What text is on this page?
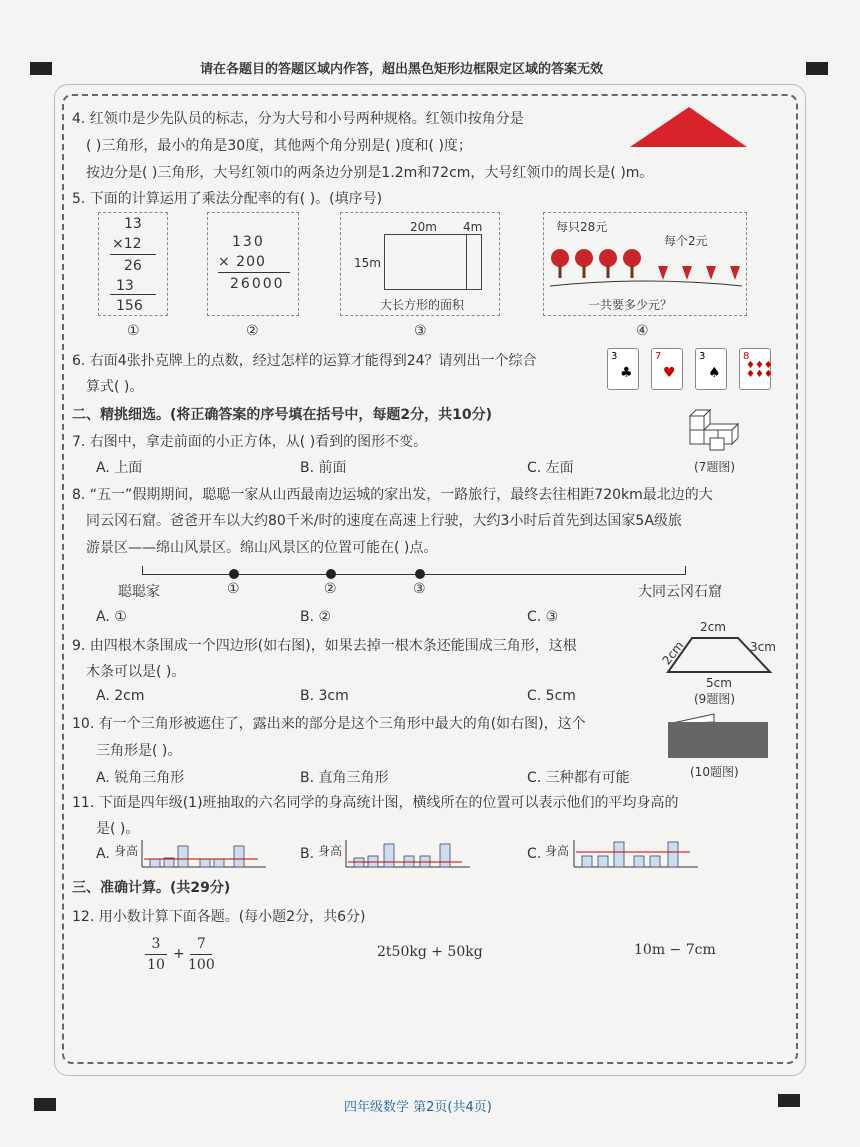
请在各题目的答题区域内作答，超出黑色矩形边框限定区域的答案无效
4. 红领巾是少先队员的标志，分为大号和小号两种规格。红领巾按角分是
( )三角形，最小的角是30度，其他两个角分别是( )度和( )度；
按边分是( )三角形，大号红领巾的两条边分别是1.2m和72cm，大号红领巾的周长是( )m。
5. 下面的计算运用了乘法分配率的有( )。(填序号)
13
×12
26
13
156
130
× 200
26000
20m 4m
15m
大长方形的面积
每只28元
每个2元
一共要多少元？
①	②	③	④
6. 右面4张扑克牌上的点数，经过怎样的运算才能得到24？请列出一个综合
算式( )。
3
♣
7
♥
3
♠
8
♦♦♦
♦♦♦
二、精挑细选。(将正确答案的序号填在括号中，每题2分，共10分)
7. 右图中，拿走前面的小正方体，从( )看到的图形不变。
A. 上面	B. 前面	C. 左面	(7题图)
8. “五一”假期期间，聪聪一家从山西最南边运城的家出发，一路旅行，最终去往相距720km最北边的大
同云冈石窟。爸爸开车以大约80千米/时的速度在高速上行驶，大约3小时后首先到达国家5A级旅
游景区——绵山风景区。绵山风景区的位置可能在( )点。
聪聪家	①	②	③	大同云冈石窟
A. ①	B. ②	C. ③
9. 由四根木条围成一个四边形(如右图)，如果去掉一根木条还能围成三角形，这根
木条可以是( )。
A. 2cm	B. 3cm	C. 5cm
2cm
2cm	3cm
5cm
(9题图)
10. 有一个三角形被遮住了，露出来的部分是这个三角形中最大的角(如右图)，这个
三角形是( )。
A. 锐角三角形	B. 直角三角形	C. 三种都有可能	(10题图)
11. 下面是四年级(1)班抽取的六名同学的身高统计图，横线所在的位置可以表示他们的平均身高的
是( )。
A. 身高	B. 身高	C. 身高
三、准确计算。(共29分)
12. 用小数计算下面各题。(每小题2分，共6分)
3
10
+
7
100
2t50kg + 50kg	10m − 7cm
四年级数学 第2页(共4页)
